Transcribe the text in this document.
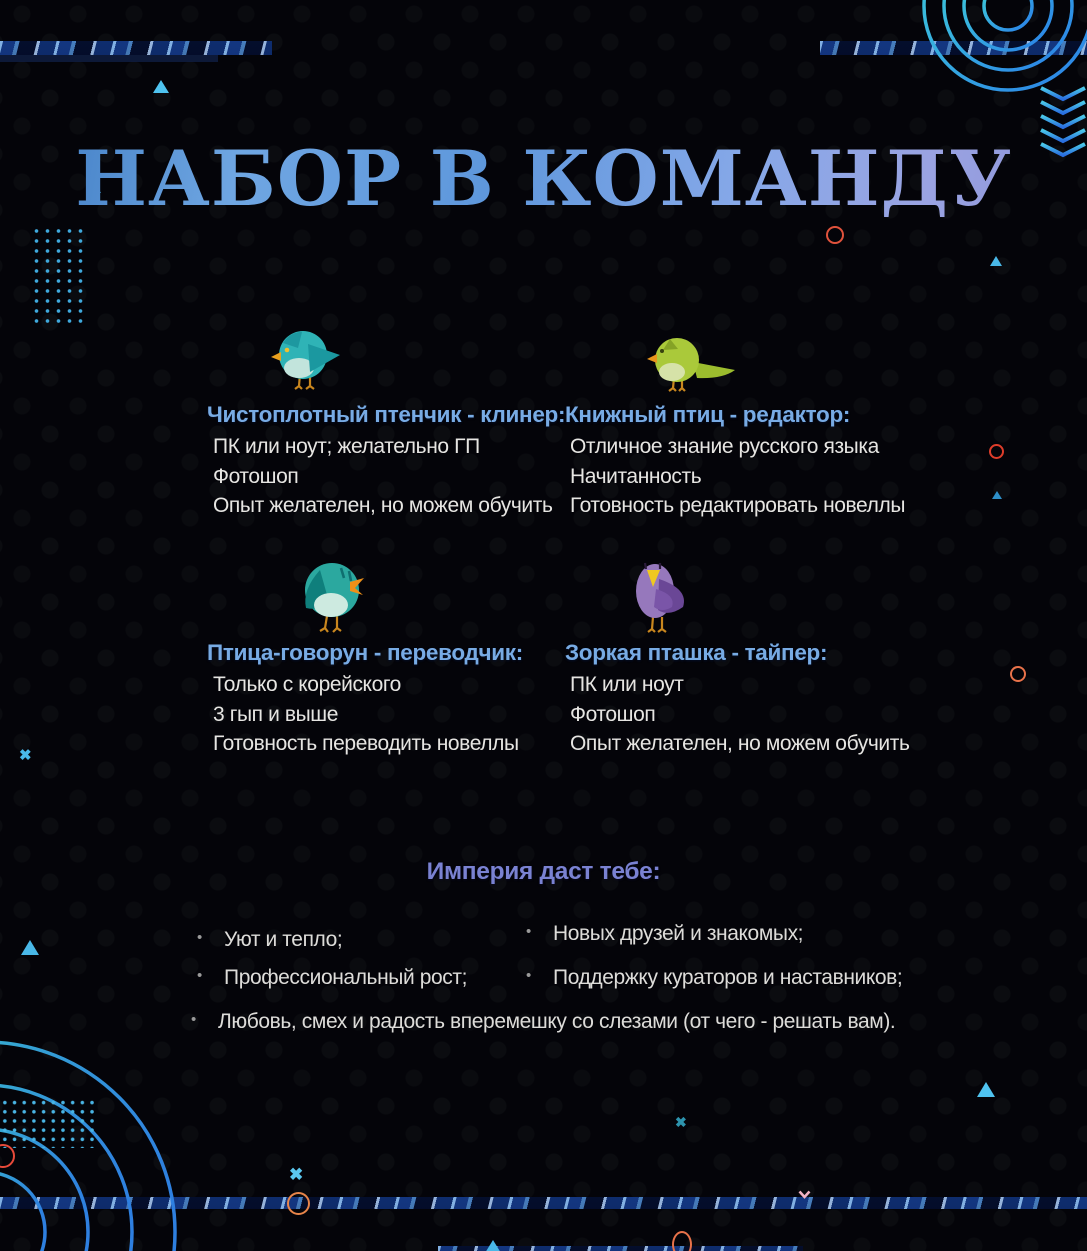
✖
✖
✖
НАБОР В КОМАНДУ
Чистоплотный птенчик - клинер:
ПК или ноут; желательно ГП
Фотошоп
Опыт желателен, но можем обучить
Книжный птиц - редактор:
Отличное знание русского языка
Начитанность
Готовность редактировать новеллы
Птица-говорун - переводчик:
Только с корейского
3 гып и выше
Готовность переводить новеллы
Зоркая пташка - тайпер:
ПК или ноут
Фотошоп
Опыт желателен, но можем обучить
Империя даст тебе:
• Уют и тепло;	• Новых друзей и знакомых;
• Профессиональный рост;	• Поддержку кураторов и наставников;
• Любовь, смех и радость вперемешку со слезами (от чего - решать вам).
